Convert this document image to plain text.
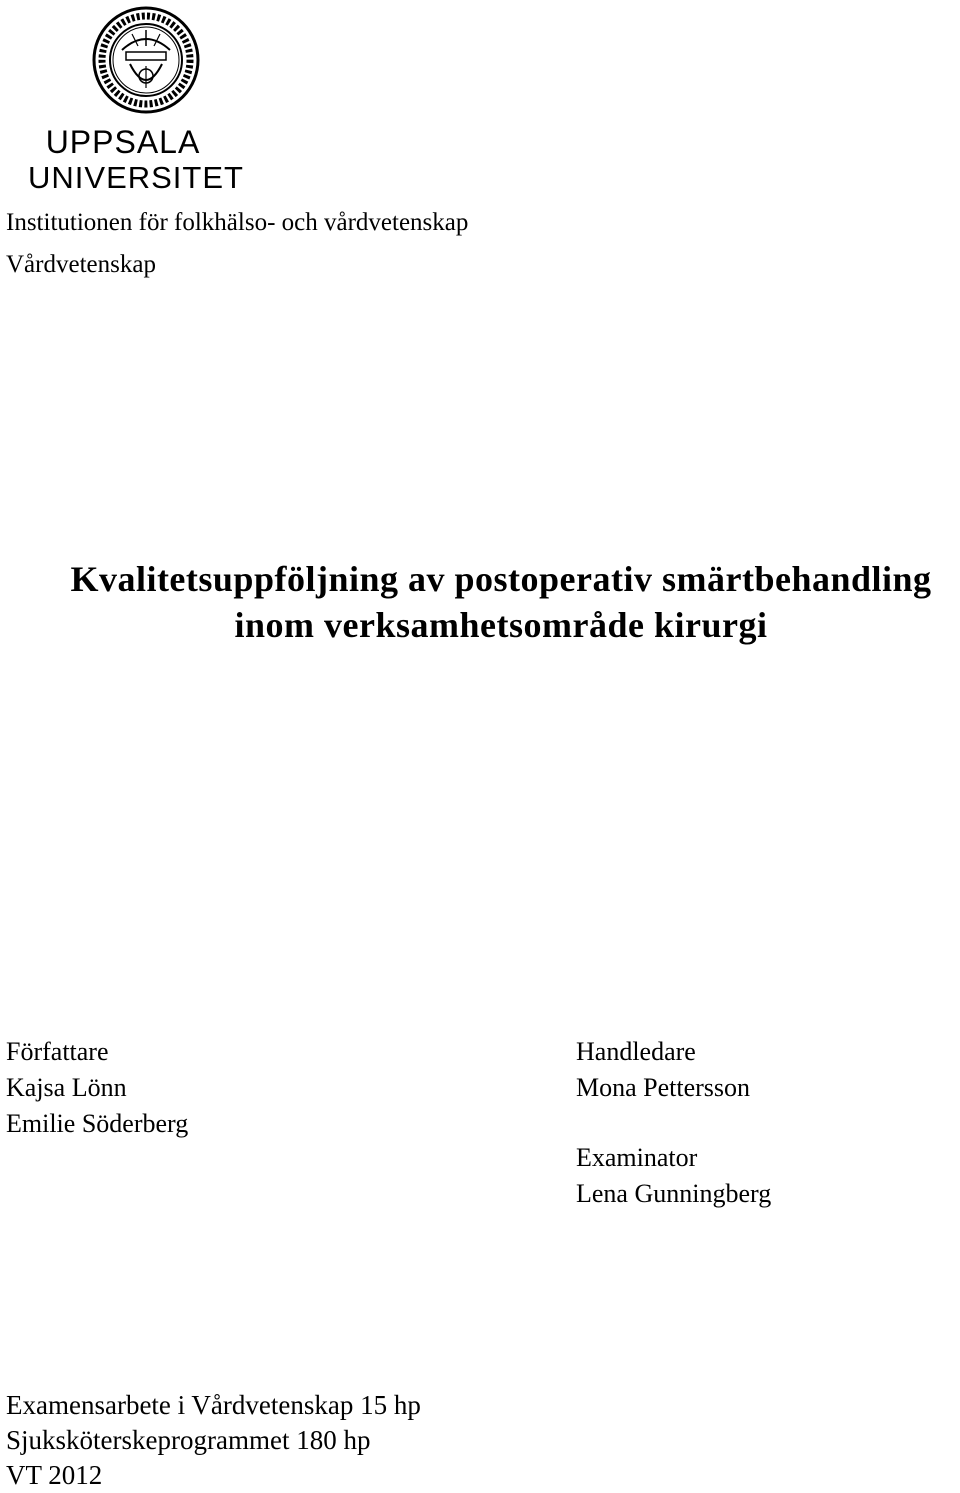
UPPSALA
UNIVERSITET
Institutionen för folkhälso- och vårdvetenskap
Vårdvetenskap
Kvalitetsuppföljning av postoperativ smärtbehandling
inom verksamhetsområde kirurgi
Författare
Kajsa Lönn
Emilie Söderberg
Handledare
Mona Pettersson
Examinator
Lena Gunningberg
Examensarbete i Vårdvetenskap 15 hp
Sjuksköterskeprogrammet 180 hp
VT 2012
